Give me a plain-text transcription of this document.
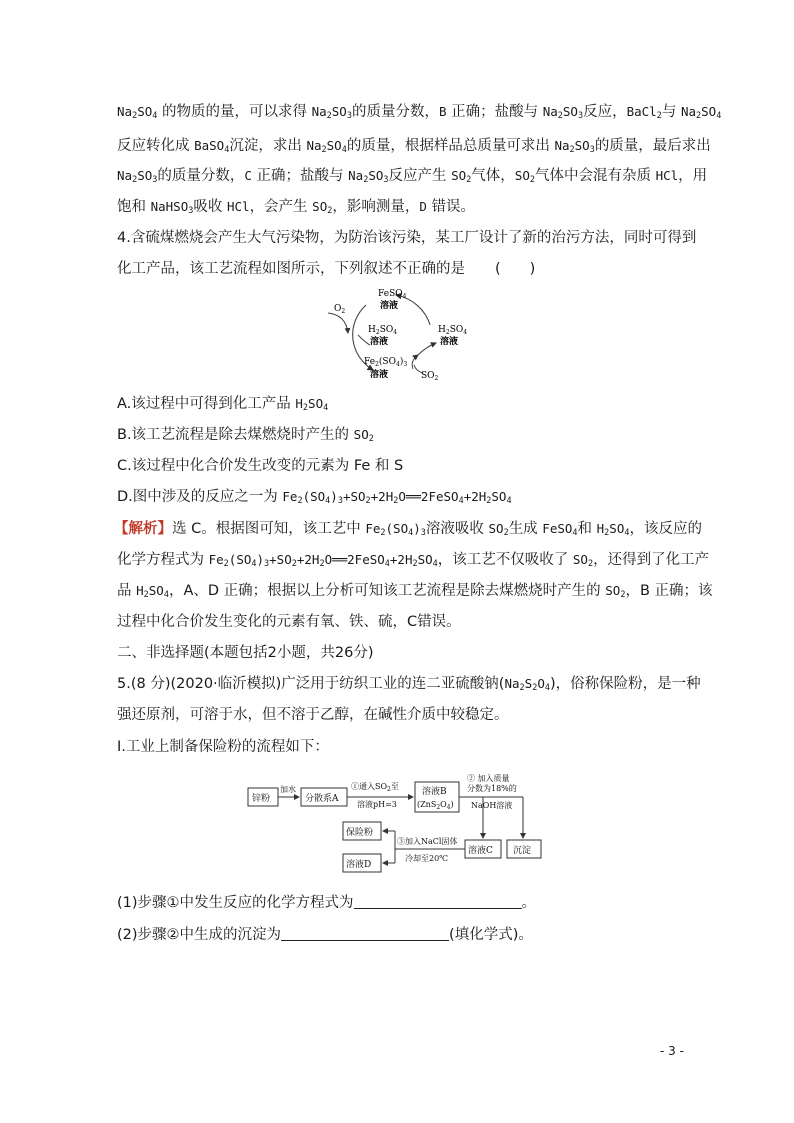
$Na_2SO_4$ 的物质的量，可以求得 $Na_2SO_3$的质量分数，B 正确；盐酸与 $Na_2SO_3$反应，BaCl$_2$与 $Na_2SO_4$
反应转化成 BaSO$_4$沉淀，求出 $Na_2SO_4$的质量，根据样品总质量可求出 $Na_2SO_3$的质量，最后求出
$Na_2SO_3$的质量分数，C 正确；盐酸与 $Na_2SO_3$反应产生 $SO_2$气体，$SO_2$气体中会混有杂质 HCl，用
饱和 NaHSO$_3$吸收 HCl，会产生 $SO_2$，影响测量，D 错误。
4.含硫煤燃烧会产生大气污染物，为防治该污染，某工厂设计了新的治污方法，同时可得到
化工产品，该工艺流程如图所示，下列叙述不正确的是 (　　)
FeSO$_4$
溶液
$O_2$
$H_2SO_4$
溶液
$H_2SO_4$
溶液
$Fe_2(SO_4)_3$
溶液	$SO_2$
A.该过程中可得到化工产品 $H_2SO_4$
B.该工艺流程是除去煤燃烧时产生的 $SO_2$
C.该过程中化合价发生改变的元素为 Fe 和 S
D.图中涉及的反应之一为 $Fe_2(SO_4)_3+SO_2+2H_2O══2FeSO_4+2H_2SO_4$
【解析】选 C。根据图可知，该工艺中 $Fe_2(SO_4)_3$溶液吸收 $SO_2$生成 FeSO$_4$和 $H_2SO_4$，该反应的
化学方程式为 $Fe_2(SO_4)_3+SO_2+2H_2O══2FeSO_4+2H_2SO_4$，该工艺不仅吸收了 $SO_2$，还得到了化工产
品 $H_2SO_4$，A、D 正确；根据以上分析可知该工艺流程是除去煤燃烧时产生的 $SO_2$，B 正确；该
过程中化合价发生变化的元素有氧、铁、硫，C错误。
二、非选择题(本题包括2小题，共26分)
5.(8 分)(2020·临沂模拟)广泛用于纺织工业的连二亚硫酸钠$(Na_2S_2O_4)$，俗称保险粉，是一种
强还原剂，可溶于水，但不溶于乙醇，在碱性介质中较稳定。
Ⅰ.工业上制备保险粉的流程如下：
锌粉
加水
分散系A
①通入$SO_2$至
溶液pH=3
溶液B
$(ZnS_2O_4)$
② 加入质量
分数为18%的
NaOH溶液
溶液C 沉淀
③加入NaCl固体
冷却至20℃
保险粉
溶液D
(1)步骤①中发生反应的化学方程式为	。
(2)步骤②中生成的沉淀为	(填化学式)。
- 3 -
